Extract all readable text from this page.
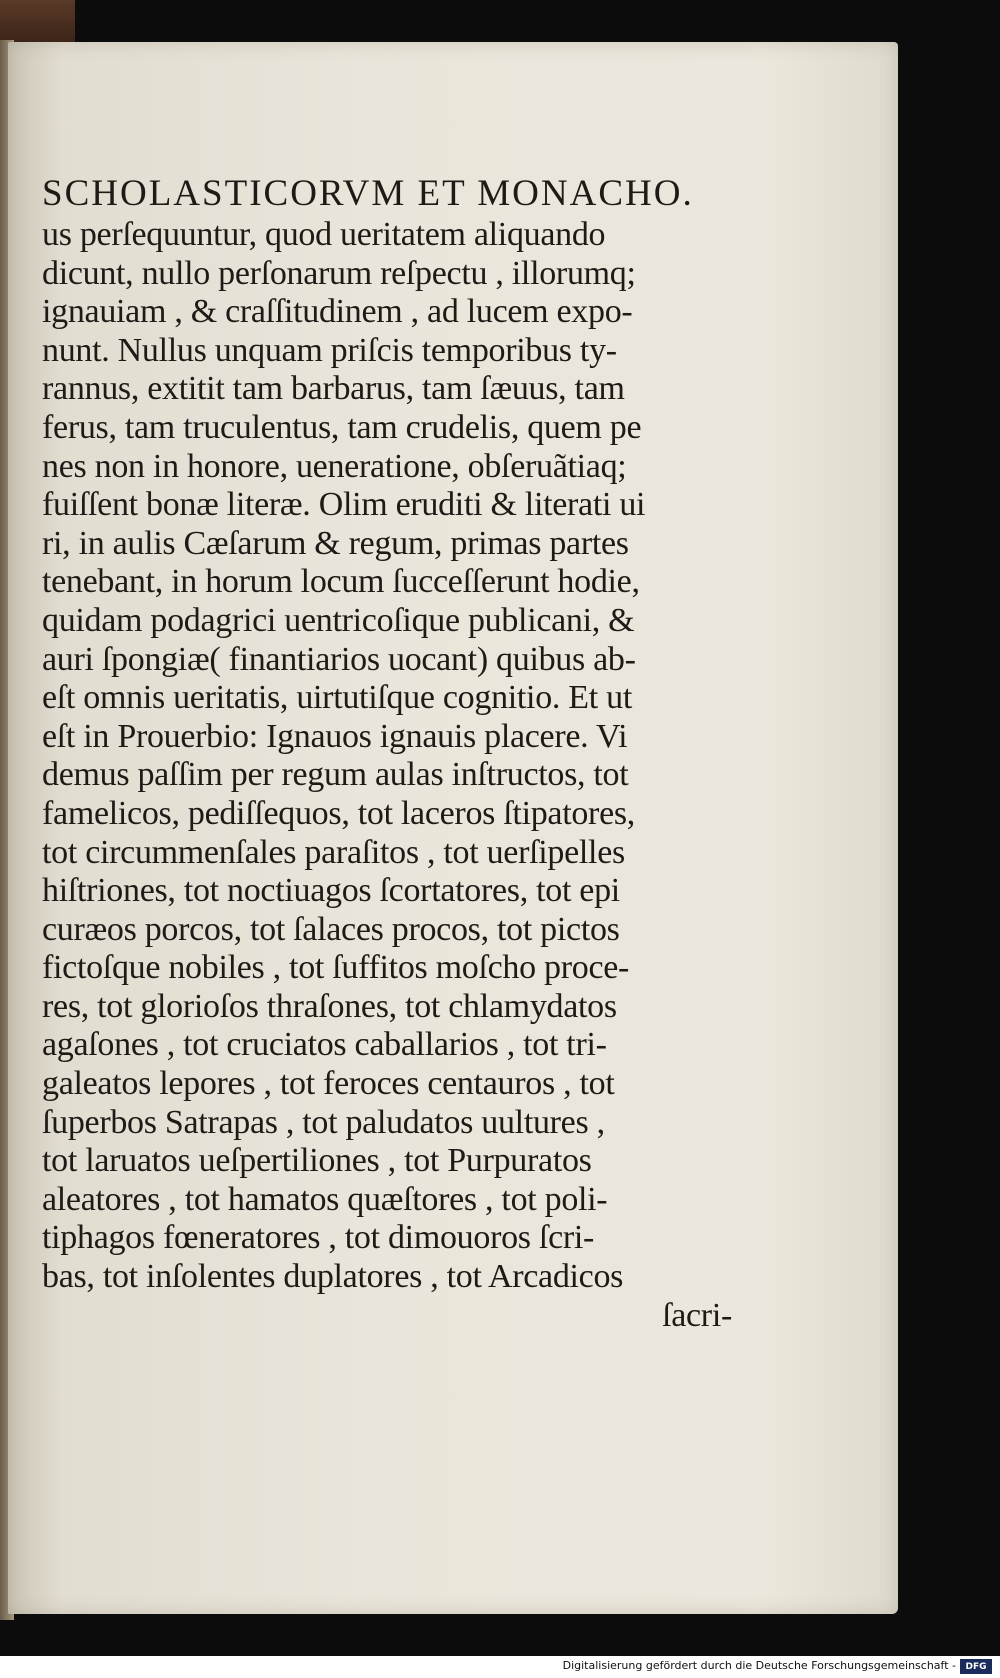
SCHOLASTICORVM ET MONACHO.
us perſequuntur, quod ueritatem aliquando
dicunt, nullo perſonarum reſpectu , illorumq;
ignauiam , & craſſitudinem , ad lucem expo-
nunt. Nullus unquam priſcis temporibus ty-
rannus, extitit tam barbarus, tam ſæuus, tam
ferus, tam truculentus, tam crudelis, quem pe
nes non in honore, ueneratione, obſeruãtiaq;
fuiſſent bonæ literæ. Olim eruditi & literati ui
ri, in aulis Cæſarum & regum, primas partes
tenebant, in horum locum ſucceſſerunt hodie,
quidam podagrici uentricoſique publicani, &
auri ſpongiæ( finantiarios uocant) quibus ab-
eſt omnis ueritatis, uirtutiſque cognitio. Et ut
eſt in Prouerbio: Ignauos ignauis placere. Vi
demus paſſim per regum aulas inſtructos, tot
famelicos, pediſſequos, tot laceros ſtipatores,
tot circummenſales paraſitos , tot uerſipelles
hiſtriones, tot noctiuagos ſcortatores, tot epi
curæos porcos, tot ſalaces procos, tot pictos
fictoſque nobiles , tot ſuffitos moſcho proce-
res, tot glorioſos thraſones, tot chlamydatos
agaſones , tot cruciatos caballarios , tot tri-
galeatos lepores , tot feroces centauros , tot
ſuperbos Satrapas , tot paludatos uultures ,
tot laruatos ueſpertiliones , tot Purpuratos
aleatores , tot hamatos quæſtores , tot poli-
tiphagos fœneratores , tot dimouoros ſcri-
bas, tot inſolentes duplatores , tot Arcadicos
ſacri-
Digitalisierung gefördert durch die Deutsche Forschungsgemeinschaft -	DFG
